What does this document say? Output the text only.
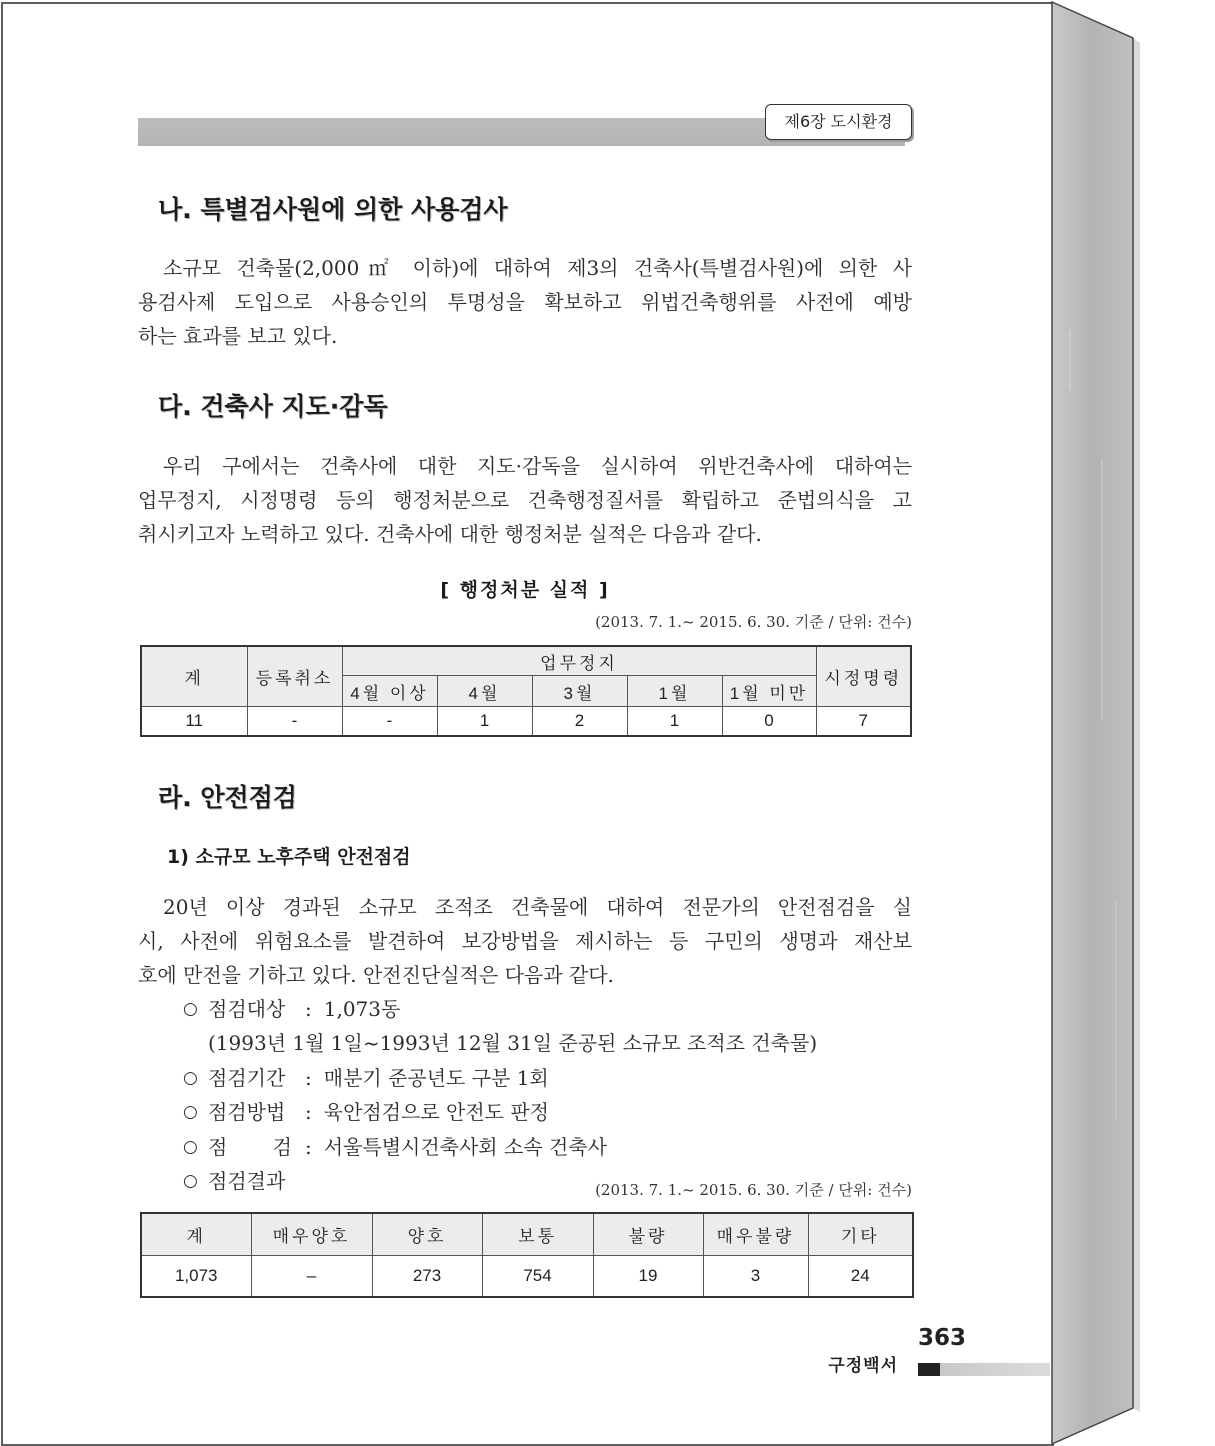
제6장 도시환경
나. 특별검사원에 의한 사용검사
소규모 건축물(2,000㎡ 이하)에 대하여 제3의 건축사(특별검사원)에 의한 사
용검사제 도입으로 사용승인의 투명성을 확보하고 위법건축행위를 사전에 예방
하는 효과를 보고 있다.
다. 건축사 지도·감독
우리 구에서는 건축사에 대한 지도·감독을 실시하여 위반건축사에 대하여는
업무정지, 시정명령 등의 행정처분으로 건축행정질서를 확립하고 준법의식을 고
취시키고자 노력하고 있다. 건축사에 대한 행정처분 실적은 다음과 같다.
[ 행정처분 실적 ]
(2013. 7. 1.~ 2015. 6. 30. 기준 / 단위: 건수)
계	등록취소	업무정지					시정명령
		4월 이상	4월	3월	1월	1월 미만	
11	-	-	1	2	1	0	7
라. 안전점검
1) 소규모 노후주택 안전점검
20년 이상 경과된 소규모 조적조 건축물에 대하여 전문가의 안전점검을 실
시, 사전에 위험요소를 발견하여 보강방법을 제시하는 등 구민의 생명과 재산보
호에 만전을 기하고 있다. 안전진단실적은 다음과 같다.
○ 점검대상 : 1,073동
(1993년 1월 1일~1993년 12월 31일 준공된 소규모 조적조 건축물)
○ 점검기간 : 매분기 준공년도 구분 1회
○ 점검방법 : 육안점검으로 안전도 판정
○ 점 검 : 서울특별시건축사회 소속 건축사
○ 점검결과	(2013. 7. 1.~ 2015. 6. 30. 기준 / 단위: 건수)
계	매우양호	양호	보통	불량	매우불량	기타
1,073	–	273	754	19	3	24
363
구정백서
